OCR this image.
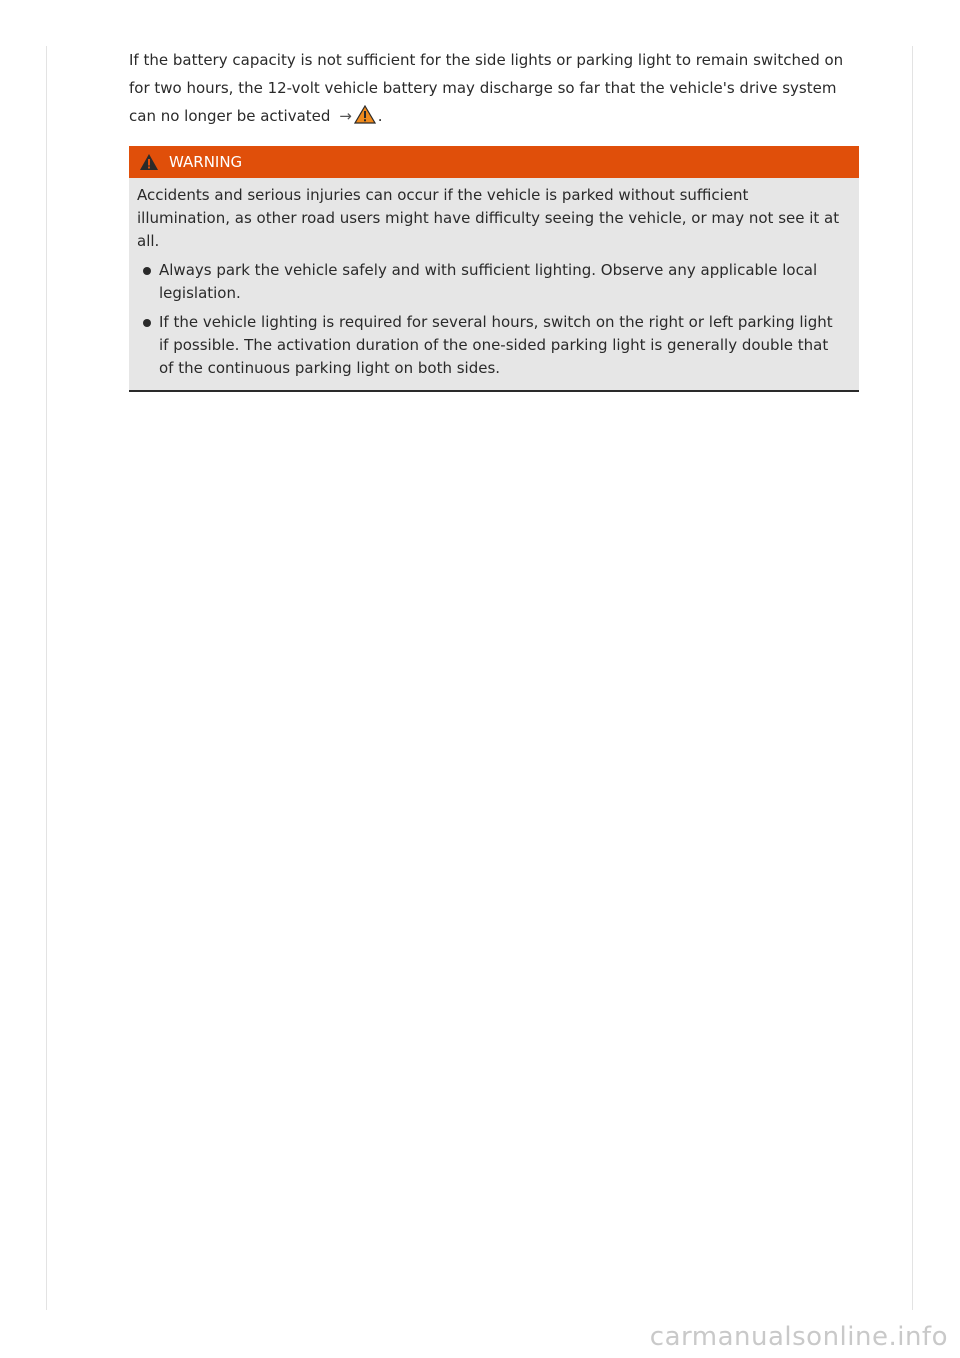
If the battery capacity is not sufficient for the side lights or parking light to remain switched on for two hours, the 12-volt vehicle battery may discharge so far that the vehicle's drive system can no longer be activated → .

WARNING

Accidents and serious injuries can occur if the vehicle is parked without sufficient illumination, as other road users might have difficulty seeing the vehicle, or may not see it at all.

Always park the vehicle safely and with sufficient lighting. Observe any applicable local legislation.
If the vehicle lighting is required for several hours, switch on the right or left parking light if possible. The activation duration of the one-sided parking light is generally double that of the continuous parking light on both sides.
carmanualsonline.info
